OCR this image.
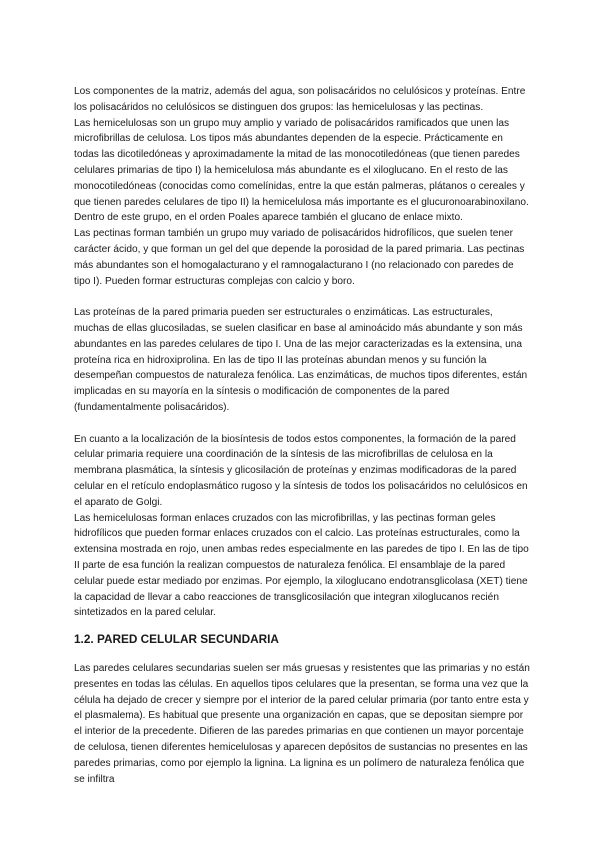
Los componentes de la matriz, además del agua, son polisacáridos no celulósicos y proteínas. Entre los polisacáridos no celulósicos se distinguen dos grupos: las hemicelulosas y las pectinas.

Las hemicelulosas son un grupo muy amplio y variado de polisacáridos ramificados que unen las microfibrillas de celulosa. Los tipos más abundantes dependen de la especie. Prácticamente en todas las dicotiledóneas y aproximadamente la mitad de las monocotiledóneas (que tienen paredes celulares primarias de tipo I) la hemicelulosa más abundante es el xiloglucano. En el resto de las monocotiledóneas (conocidas como comelínidas, entre la que están palmeras, plátanos o cereales y que tienen paredes celulares de tipo II) la hemicelulosa más importante es el glucuronoarabinoxilano. Dentro de este grupo, en el orden Poales aparece también el glucano de enlace mixto.

Las pectinas forman también un grupo muy variado de polisacáridos hidrofílicos, que suelen tener carácter ácido, y que forman un gel del que depende la porosidad de la pared primaria. Las pectinas más abundantes son el homogalacturano y el ramnogalacturano I (no relacionado con paredes de tipo I). Pueden formar estructuras complejas con calcio y boro.

Las proteínas de la pared primaria pueden ser estructurales o enzimáticas. Las estructurales, muchas de ellas glucosiladas, se suelen clasificar en base al aminoácido más abundante y son más abundantes en las paredes celulares de tipo I. Una de las mejor caracterizadas es la extensina, una proteína rica en hidroxiprolina. En las de tipo II las proteínas abundan menos y su función la desempeñan compuestos de naturaleza fenólica. Las enzimáticas, de muchos tipos diferentes, están implicadas en su mayoría en la síntesis o modificación de componentes de la pared (fundamentalmente polisacáridos).

En cuanto a la localización de la biosíntesis de todos estos componentes, la formación de la pared celular primaria requiere una coordinación de la síntesis de las microfibrillas de celulosa en la membrana plasmática, la síntesis y glicosilación de proteínas y enzimas modificadoras de la pared celular en el retículo endoplasmático rugoso y la síntesis de todos los polisacáridos no celulósicos en el aparato de Golgi.

Las hemicelulosas forman enlaces cruzados con las microfibrillas, y las pectinas forman geles hidrofílicos que pueden formar enlaces cruzados con el calcio. Las proteínas estructurales, como la extensina mostrada en rojo, unen ambas redes especialmente en las paredes de tipo I. En las de tipo II parte de esa función la realizan compuestos de naturaleza fenólica. El ensamblaje de la pared celular puede estar mediado por enzimas. Por ejemplo, la xiloglucano endotransglicolasa (XET) tiene la capacidad de llevar a cabo reacciones de transglicosilación que integran xiloglucanos recién sintetizados en la pared celular.

1.2. PARED CELULAR SECUNDARIA

Las paredes celulares secundarias suelen ser más gruesas y resistentes que las primarias y no están presentes en todas las células. En aquellos tipos celulares que la presentan, se forma una vez que la célula ha dejado de crecer y siempre por el interior de la pared celular primaria (por tanto entre esta y el plasmalema). Es habitual que presente una organización en capas, que se depositan siempre por el interior de la precedente. Difieren de las paredes primarias en que contienen un mayor porcentaje de celulosa, tienen diferentes hemicelulosas y aparecen depósitos de sustancias no presentes en las paredes primarias, como por ejemplo la lignina. La lignina es un polímero de naturaleza fenólica que se infiltra
